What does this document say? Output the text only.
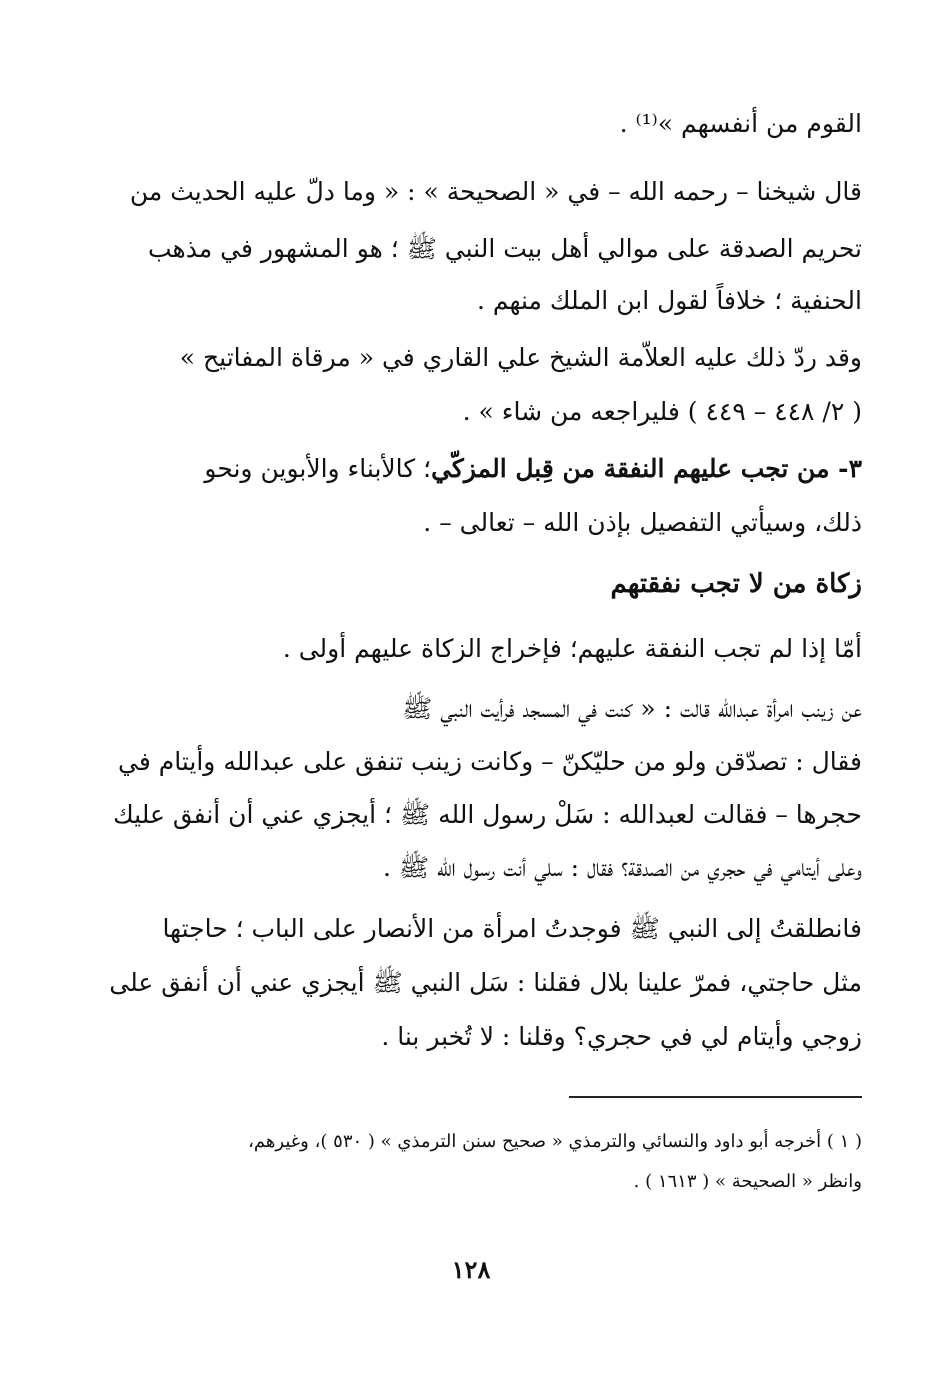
القوم من أنفسهم »⁽¹⁾ .
قال شيخنا – رحمه الله – في « الصحيحة » : « وما دلّ عليه الحديث من
تحريم الصدقة على موالي أهل بيت النبي ﷺ ؛ هو المشهور في مذهب
الحنفية ؛ خلافاً لقول ابن الملك منهم .
وقد ردّ ذلك عليه العلاّمة الشيخ علي القاري في « مرقاة المفاتيح »
( ٢/ ٤٤٨ – ٤٤٩ ) فليراجعه من شاء » .
٣- من تجب عليهم النفقة من قِبل المزكّي؛ كالأبناء والأبوين ونحو
ذلك، وسيأتي التفصيل بإذن الله – تعالى – .
زكاة من لا تجب نفقتهم
أمّا إذا لم تجب النفقة عليهم؛ فإخراج الزكاة عليهم أولى .
عن زينب امرأة عبدالله قالت : « كنت في المسجد فرأيت النبي ﷺ
فقال : تصدّقن ولو من حليّكنّ – وكانت زينب تنفق على عبدالله وأيتام في
حجرها – فقالت لعبدالله : سَلْ رسول الله ﷺ ؛ أيجزي عني أن أنفق عليك
وعلى أيتامي في حجري من الصدقة؟ فقال : سلي أنت رسول الله ﷺ .
فانطلقتُ إلى النبي ﷺ فوجدتُ امرأة من الأنصار على الباب ؛ حاجتها
مثل حاجتي، فمرّ علينا بلال فقلنا : سَل النبي ﷺ أيجزي عني أن أنفق على
زوجي وأيتام لي في حجري؟ وقلنا : لا تُخبر بنا .
( ١ ) أخرجه أبو داود والنسائي والترمذي « صحيح سنن الترمذي » ( ٥٣٠ )، وغيرهم،
وانظر « الصحيحة » ( ١٦١٣ ) .
١٢٨
